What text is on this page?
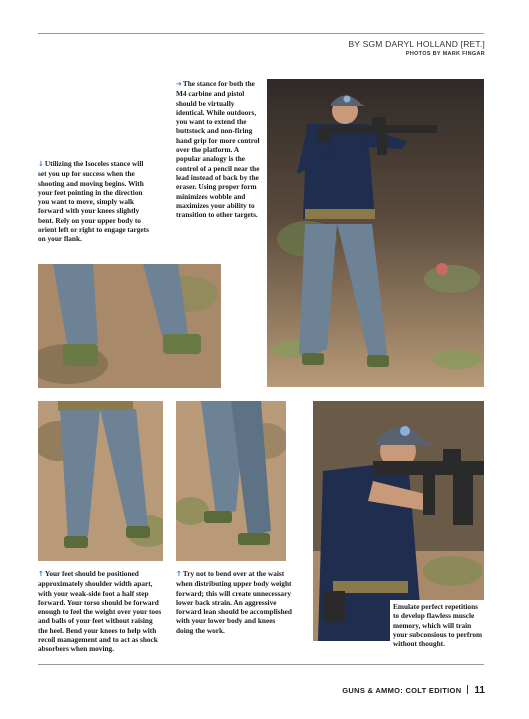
BY SGM DARYL HOLLAND [RET.]
PHOTOS BY MARK FINGAR
↓Utilizing the Isoceles stance will set you up for success when the shooting and moving begins. With your feet pointing in the direction you want to move, simply walk forward with your knees slightly bent. Rely on your upper body to orient left or right to engage targets on your flank.
➔The stance for both the M4 carbine and pistol should be virtually identical. While outdoors, you want to extend the buttstock and non-firing hand grip for more control over the platform. A popular analogy is the control of a pencil near the lead instead of back by the eraser. Using proper form minimizes wobble and maximizes your ability to transition to other targets.
↑Your feet should be positioned approximately shoulder width apart, with your weak-side foot a half step forward. Your torso should be forward enough to feel the weight over your toes and balls of your feet without raising the heel. Bend your knees to help with recoil management and to act as shock absorbers when moving.
↑Try not to bend over at the waist when distributing upper body weight forward; this will create unnecessary lower back strain. An aggressive forward lean should be accomplished with your lower body and knees doing the work.
Emulate perfect repetitions to develop flawless muscle memory, which will train your subconsious to perfrom without thought.
GUNS & AMMO: COLT EDITION 11
